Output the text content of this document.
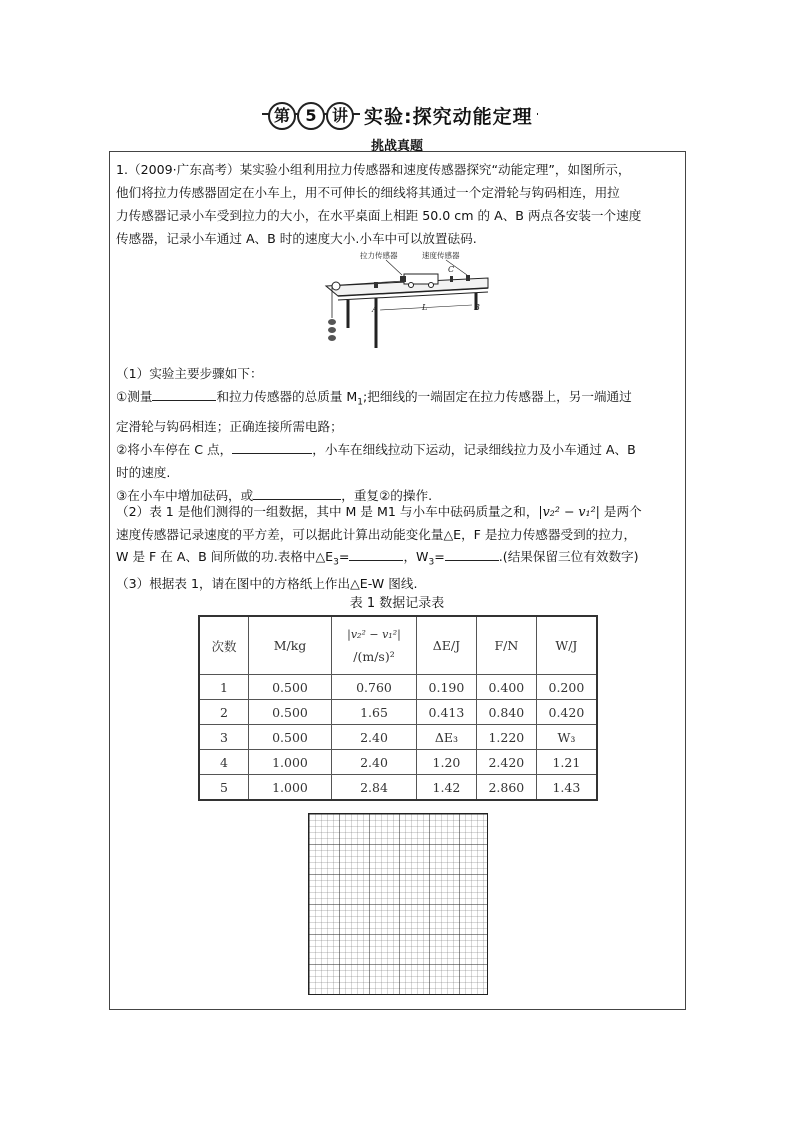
第 5 讲 实验:探究动能定理
挑战真题
1.（2009·广东高考）某实验小组利用拉力传感器和速度传感器探究“动能定理”，如图所示，
他们将拉力传感器固定在小车上，用不可伸长的细线将其通过一个定滑轮与钩码相连，用拉
力传感器记录小车受到拉力的大小，在水平桌面上相距 50.0 cm 的 A、B 两点各安装一个速度
传感器，记录小车通过 A、B 时的速度大小.小车中可以放置砝码.
拉力传感器	速度传感器
C
A	B
L
（1）实验主要步骤如下：
①测量	和拉力传感器的总质量 $M_1$;把细线的一端固定在拉力传感器上，另一端通过
定滑轮与钩码相连；正确连接所需电路；
②将小车停在 C 点，	，小车在细线拉动下运动，记录细线拉力及小车通过 A、B
时的速度.
③在小车中增加砝码，或	，重复②的操作.
（2）表 1 是他们测得的一组数据，其中 M 是 M1 与小车中砝码质量之和，|v₂² − v₁²| 是两个
速度传感器记录速度的平方差，可以据此计算出动能变化量△E，F 是拉力传感器受到的拉力，
W 是 F 在 A、B 间所做的功.表格中$\triangle E_3=$	，$W_3=$	.(结果保留三位有效数字)
（3）根据表 1，请在图中的方格纸上作出△E-W 图线.
表 1 数据记录表
次数	M/kg	|v₂² − v₁²|
/(m/s)²	ΔE/J	F/N	W/J
1	0.500	0.760	0.190	0.400	0.200
2	0.500	1.65	0.413	0.840	0.420
3	0.500	2.40	ΔE₃	1.220	W₃
4	1.000	2.40	1.20	2.420	1.21
5	1.000	2.84	1.42	2.860	1.43
